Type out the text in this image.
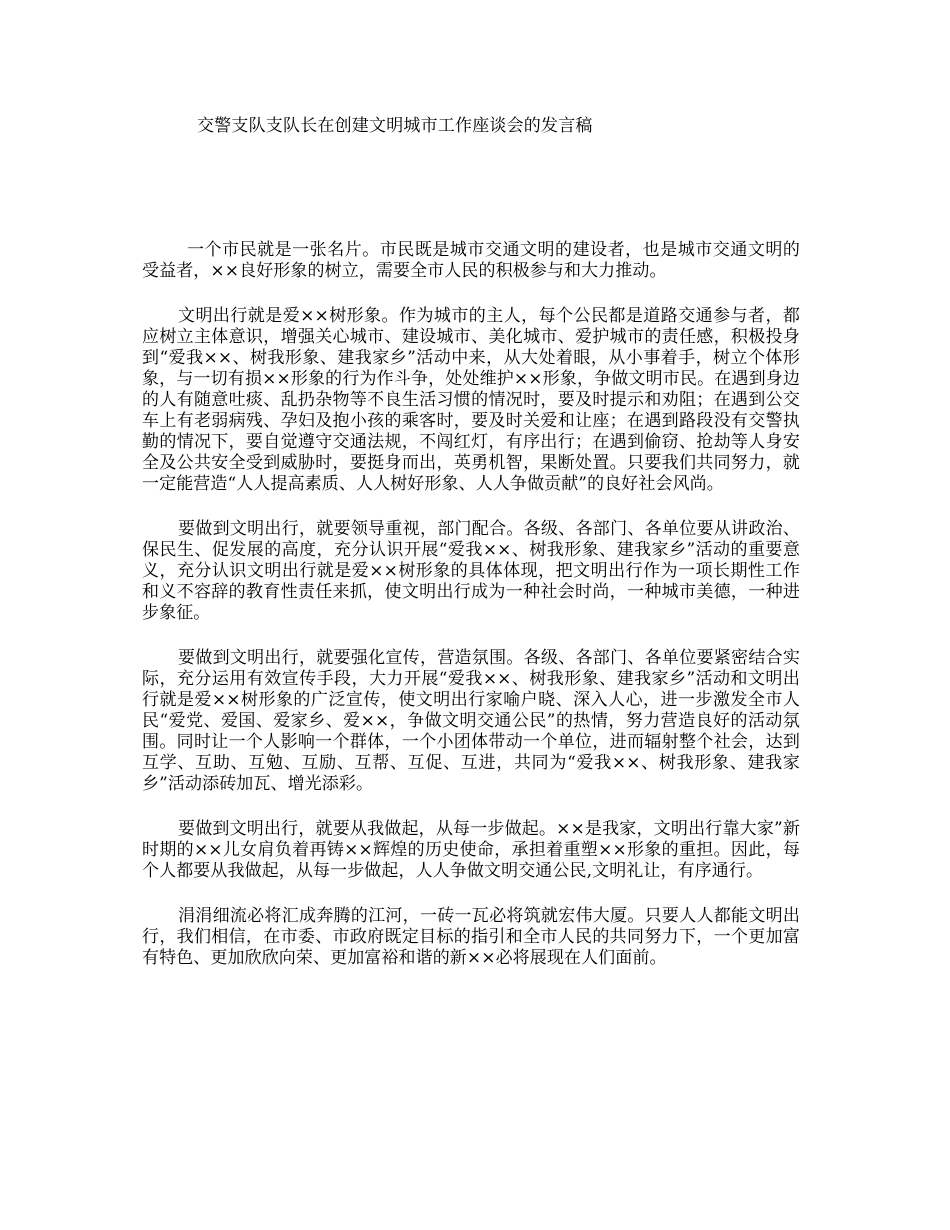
交警支队支队长在创建文明城市工作座谈会的发言稿

一个市民就是一张名片。市民既是城市交通文明的建设者，也是城市交通文明的受益者，××良好形象的树立，需要全市人民的积极参与和大力推动。

文明出行就是爱××树形象。作为城市的主人，每个公民都是道路交通参与者，都应树立主体意识，增强关心城市、建设城市、美化城市、爱护城市的责任感，积极投身到“爱我××、树我形象、建我家乡”活动中来，从大处着眼，从小事着手，树立个体形象，与一切有损××形象的行为作斗争，处处维护××形象，争做文明市民。在遇到身边的人有随意吐痰、乱扔杂物等不良生活习惯的情况时，要及时提示和劝阻；在遇到公交车上有老弱病残、孕妇及抱小孩的乘客时，要及时关爱和让座；在遇到路段没有交警执勤的情况下，要自觉遵守交通法规，不闯红灯，有序出行；在遇到偷窃、抢劫等人身安全及公共安全受到威胁时，要挺身而出，英勇机智，果断处置。只要我们共同努力，就一定能营造“人人提高素质、人人树好形象、人人争做贡献”的良好社会风尚。

要做到文明出行，就要领导重视，部门配合。各级、各部门、各单位要从讲政治、保民生、促发展的高度，充分认识开展“爱我××、树我形象、建我家乡”活动的重要意义，充分认识文明出行就是爱××树形象的具体体现，把文明出行作为一项长期性工作和义不容辞的教育性责任来抓，使文明出行成为一种社会时尚，一种城市美德，一种进步象征。

要做到文明出行，就要强化宣传，营造氛围。各级、各部门、各单位要紧密结合实际，充分运用有效宣传手段，大力开展“爱我××、树我形象、建我家乡”活动和文明出行就是爱××树形象的广泛宣传，使文明出行家喻户晓、深入人心，进一步激发全市人民“爱党、爱国、爱家乡、爱××，争做文明交通公民”的热情，努力营造良好的活动氛围。同时让一个人影响一个群体，一个小团体带动一个单位，进而辐射整个社会，达到互学、互助、互勉、互励、互帮、互促、互进，共同为“爱我××、树我形象、建我家乡”活动添砖加瓦、增光添彩。

要做到文明出行，就要从我做起，从每一步做起。××是我家，文明出行靠大家”新时期的××儿女肩负着再铸××辉煌的历史使命，承担着重塑××形象的重担。因此，每个人都要从我做起，从每一步做起，人人争做文明交通公民,文明礼让，有序通行。

涓涓细流必将汇成奔腾的江河，一砖一瓦必将筑就宏伟大厦。只要人人都能文明出行，我们相信，在市委、市政府既定目标的指引和全市人民的共同努力下，一个更加富有特色、更加欣欣向荣、更加富裕和谐的新××必将展现在人们面前。
